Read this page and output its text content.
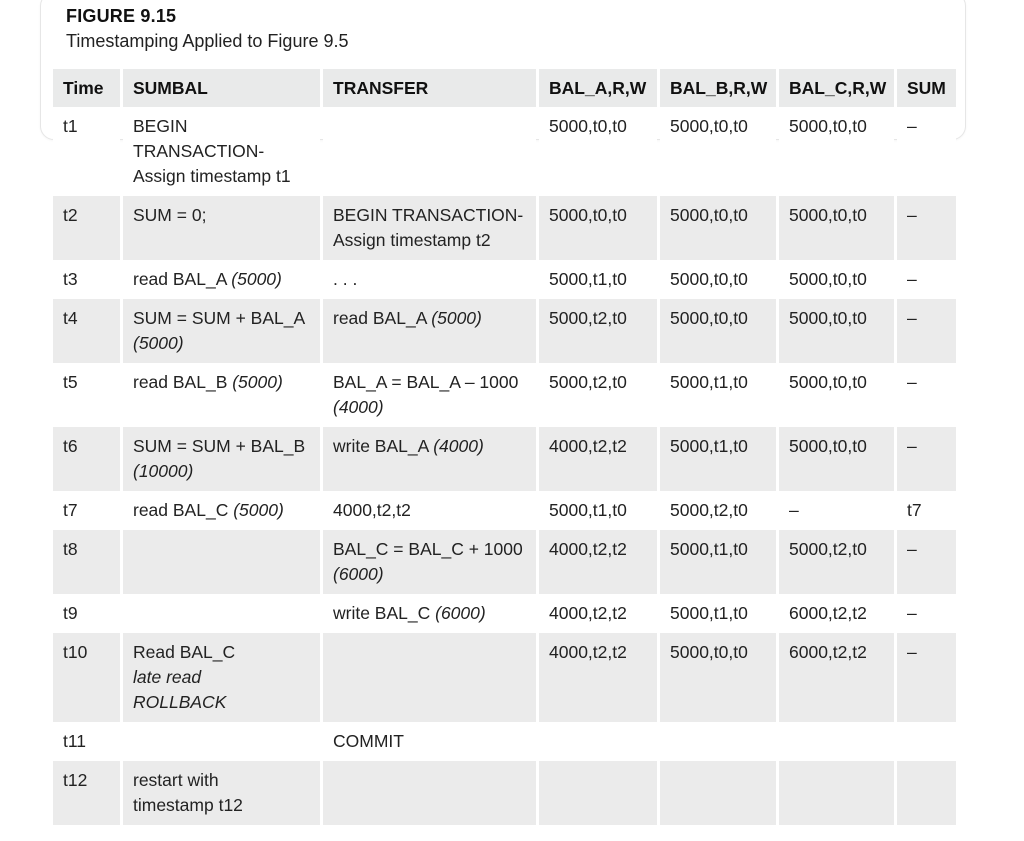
FIGURE 9.15
Timestamping Applied to Figure 9.5
Time	SUMBAL	TRANSFER	BAL_A,R,W	BAL_B,R,W	BAL_C,R,W	SUM
t1	BEGIN
TRANSACTION-
Assign timestamp t1		5000,t0,t0	5000,t0,t0	5000,t0,t0	–
t2	SUM = 0;	BEGIN TRANSACTION-
Assign timestamp t2	5000,t0,t0	5000,t0,t0	5000,t0,t0	–
t3	read BAL_A (5000)	. . .	5000,t1,t0	5000,t0,t0	5000,t0,t0	–
t4	SUM = SUM + BAL_A
(5000)	read BAL_A (5000)	5000,t2,t0	5000,t0,t0	5000,t0,t0	–
t5	read BAL_B (5000)	BAL_A = BAL_A – 1000
(4000)	5000,t2,t0	5000,t1,t0	5000,t0,t0	–
t6	SUM = SUM + BAL_B
(10000)	write BAL_A (4000)	4000,t2,t2	5000,t1,t0	5000,t0,t0	–
t7	read BAL_C (5000)	4000,t2,t2	5000,t1,t0	5000,t2,t0	–	t7
t8		BAL_C = BAL_C + 1000
(6000)	4000,t2,t2	5000,t1,t0	5000,t2,t0	–
t9		write BAL_C (6000)	4000,t2,t2	5000,t1,t0	6000,t2,t2	–
t10	Read BAL_C
late read
ROLLBACK		4000,t2,t2	5000,t0,t0	6000,t2,t2	–
t11		COMMIT				

t12	restart with
timestamp t12					
